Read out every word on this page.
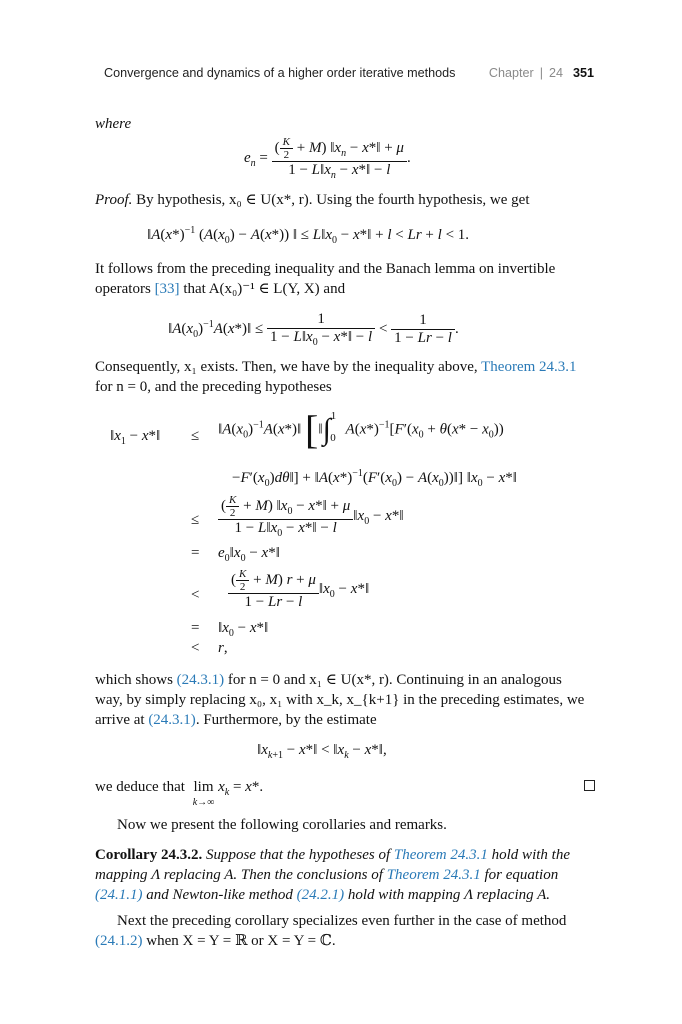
Convergence and dynamics of a higher order iterative methods	Chapter | 24 351
where
$e_n = \frac{( \frac{K}{2} + M) ‖x_n - x*‖ + \mu}{1 - L‖x_n - x*‖ - l}$ .
Proof. By hypothesis, x₀ ∈ U(x*, r). Using the fourth hypothesis, we get
$‖A(x*)^{-1}$ $(A(x_0) - A(x*))$ ‖ ≤ $L‖x_0$ − x*‖ + l < Lr + l < 1.
It follows from the preceding inequality and the Banach lemma on invertible
operators [33] that A(x₀)⁻¹ ∈ L(Y, X) and
$‖A(x_0)^{-1}A(x*)‖ \le \frac{1}{1 - L‖x_0 - x*‖ - l} < \frac{1}{1 - Lr - l}$ .
Consequently, x₁ exists. Then, we have by the inequality above, Theorem 24.3.1
for n = 0, and the preceding hypotheses
$‖x_1$ − x*‖ ≤ $‖A(x_0)^{-1}A(x*)‖$ [‖∫$^1_0$ $A(x*)^{-1}[F'(x_0 + \theta(x* - x_0))$
$-F'(x_0)d\theta‖$] + $‖A(x*)^{-1}(F'(x_0)$ − $A(x_0))‖$] $‖x_0$ − x*‖
≤ $\frac{( \frac{K}{2} + M) ‖x_0 - x*‖ + \mu}{1 - L‖x_0 - x*‖ - l}$ $‖x_0$ − x*‖
= $e_0‖x_0$ − x*‖
< $\frac{( \frac{K}{2} + M) r + \mu}{1 - Lr - l}$ $‖x_0$ − x*‖
= $‖x_0$ − x*‖
< r,
which shows (24.3.1) for n = 0 and x₁ ∈ U(x*, r). Continuing in an analogous
way, by simply replacing x₀, x₁ with x_k, x_{k+1} in the preceding estimates, we
arrive at (24.3.1). Furthermore, by the estimate
$‖x_{k+1}$ − x*‖ < $‖x_k$ − x*‖,
we deduce that lim
$^{k\to\infty}$ $x_k = x*$.
Now we present the following corollaries and remarks.
Corollary 24.3.2. Suppose that the hypotheses of Theorem 24.3.1 hold with the
mapping Λ replacing A. Then the conclusions of Theorem 24.3.1 for equation
(24.1.1) and Newton-like method (24.2.1) hold with mapping Λ replacing A.
Next the preceding corollary specializes even further in the case of method
(24.1.2) when X = Y = ℝ or X = Y = ℂ.
